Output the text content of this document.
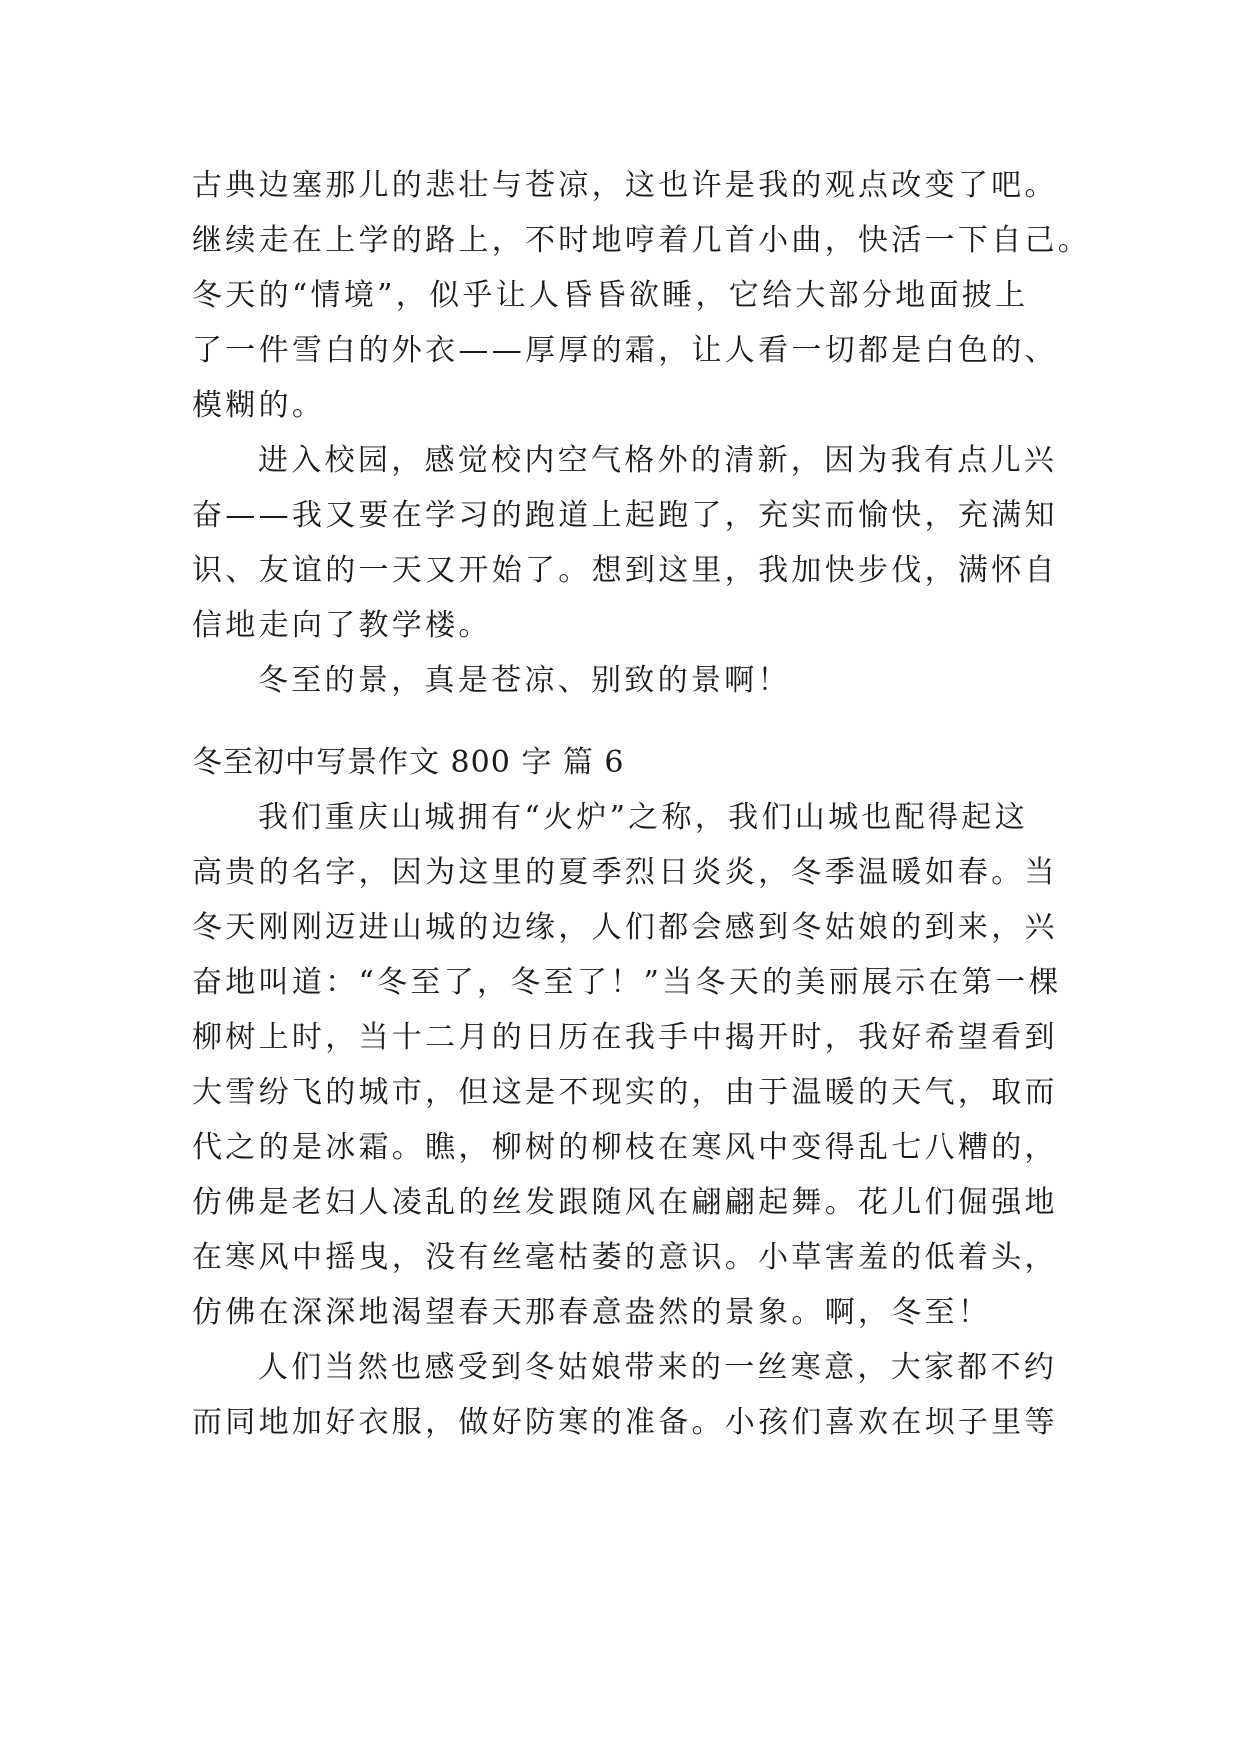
古典边塞那儿的悲壮与苍凉，这也许是我的观点改变了吧。
继续走在上学的路上，不时地哼着几首小曲，快活一下自己。
冬天的“情境”，似乎让人昏昏欲睡，它给大部分地面披上
了一件雪白的外衣——厚厚的霜，让人看一切都是白色的、
模糊的。
进入校园，感觉校内空气格外的清新，因为我有点儿兴
奋——我又要在学习的跑道上起跑了，充实而愉快，充满知
识、友谊的一天又开始了。想到这里，我加快步伐，满怀自
信地走向了教学楼。
冬至的景，真是苍凉、别致的景啊！
冬至初中写景作文 800 字 篇 6
我们重庆山城拥有“火炉”之称，我们山城也配得起这
高贵的名字，因为这里的夏季烈日炎炎，冬季温暖如春。当
冬天刚刚迈进山城的边缘，人们都会感到冬姑娘的到来，兴
奋地叫道：“冬至了，冬至了！”当冬天的美丽展示在第一棵
柳树上时，当十二月的日历在我手中揭开时，我好希望看到
大雪纷飞的城市，但这是不现实的，由于温暖的天气，取而
代之的是冰霜。瞧，柳树的柳枝在寒风中变得乱七八糟的，
仿佛是老妇人凌乱的丝发跟随风在翩翩起舞。花儿们倔强地
在寒风中摇曳，没有丝毫枯萎的意识。小草害羞的低着头，
仿佛在深深地渴望春天那春意盎然的景象。啊，冬至！
人们当然也感受到冬姑娘带来的一丝寒意，大家都不约
而同地加好衣服，做好防寒的准备。小孩们喜欢在坝子里等
